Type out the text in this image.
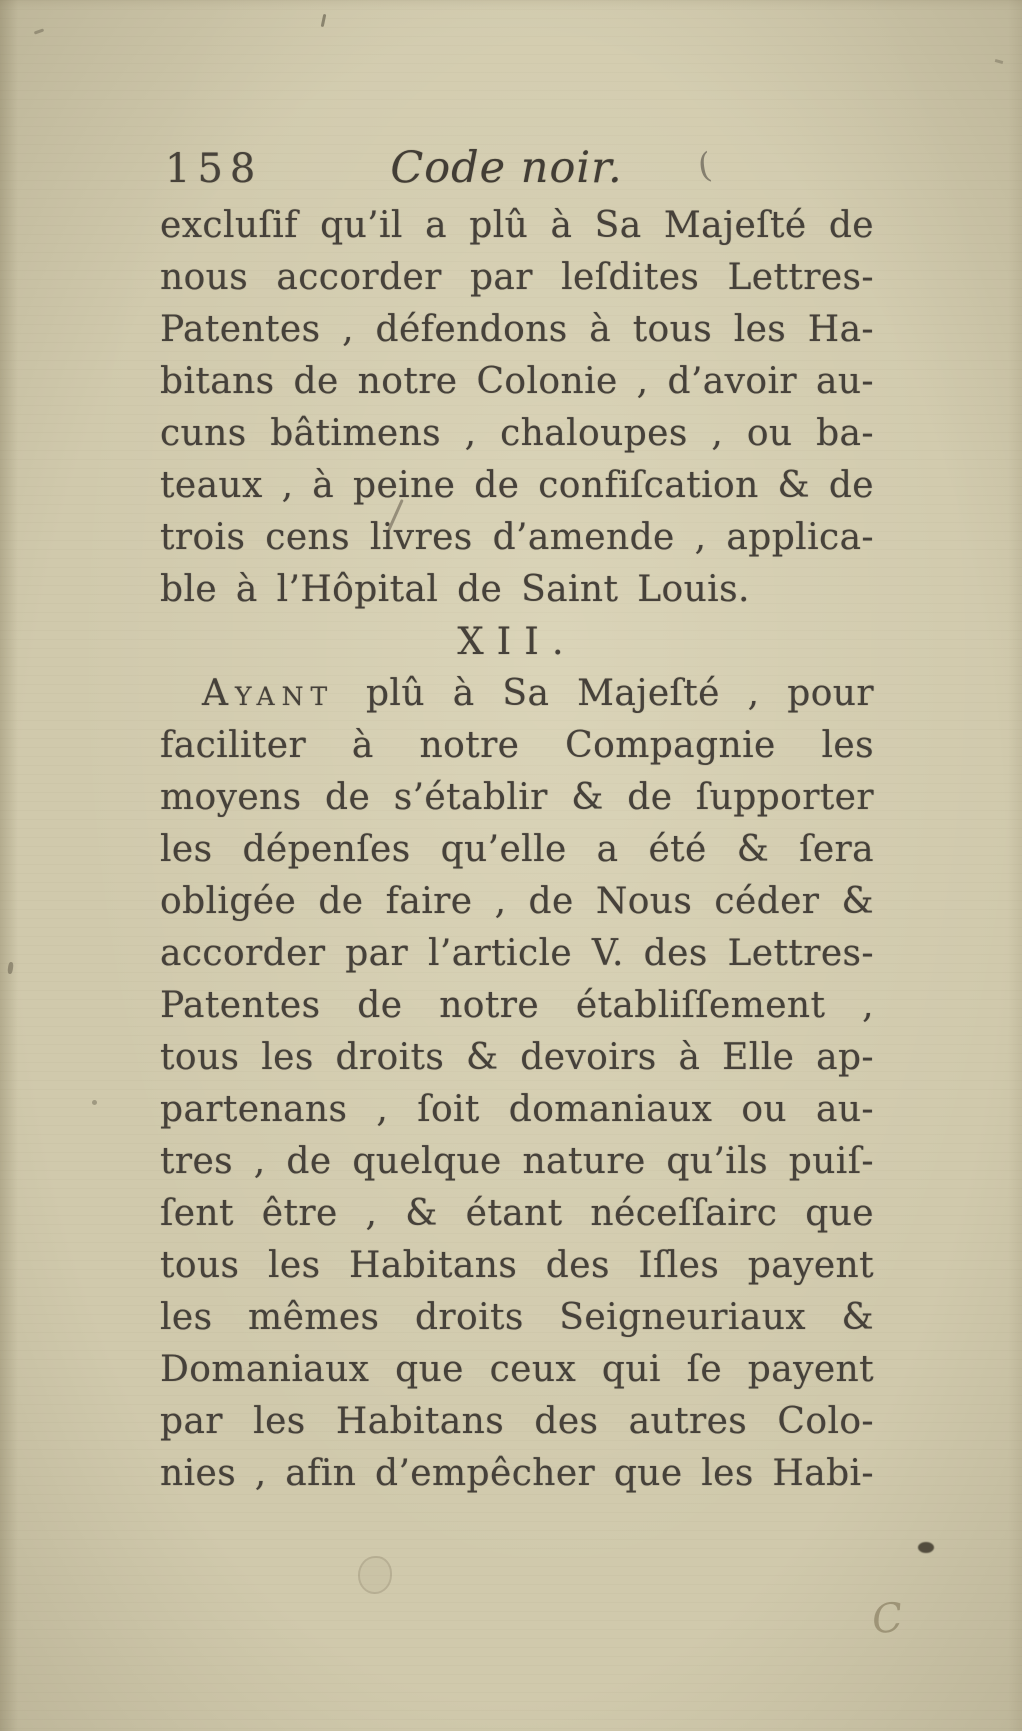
158	Code noir.
excluſif qu’il a plû à Sa Majeſté de
nous accorder par leſdites Lettres-
Patentes , défendons à tous les Ha-
bitans de notre Colonie , d’avoir au-
cuns bâtimens , chaloupes , ou ba-
teaux , à peine de confiſcation & de
trois cens livres d’amende , applica-
ble à l’Hôpital de Saint Louis.
XII.
Ayant plû à Sa Majeſté , pour
faciliter à notre Compagnie les
moyens de s’établir & de ſupporter
les dépenſes qu’elle a été & ſera
obligée de faire , de Nous céder &
accorder par l’article V. des Lettres-
Patentes de notre établiſſement ,
tous les droits & devoirs à Elle ap-
partenans , ſoit domaniaux ou au-
tres , de quelque nature qu’ils puiſ-
ſent être , & étant néceſſairc que
tous les Habitans des Iſles payent
les mêmes droits Seigneuriaux &
Domaniaux que ceux qui ſe payent
par les Habitans des autres Colo-
nies , afin d’empêcher que les Habi-
(
C
